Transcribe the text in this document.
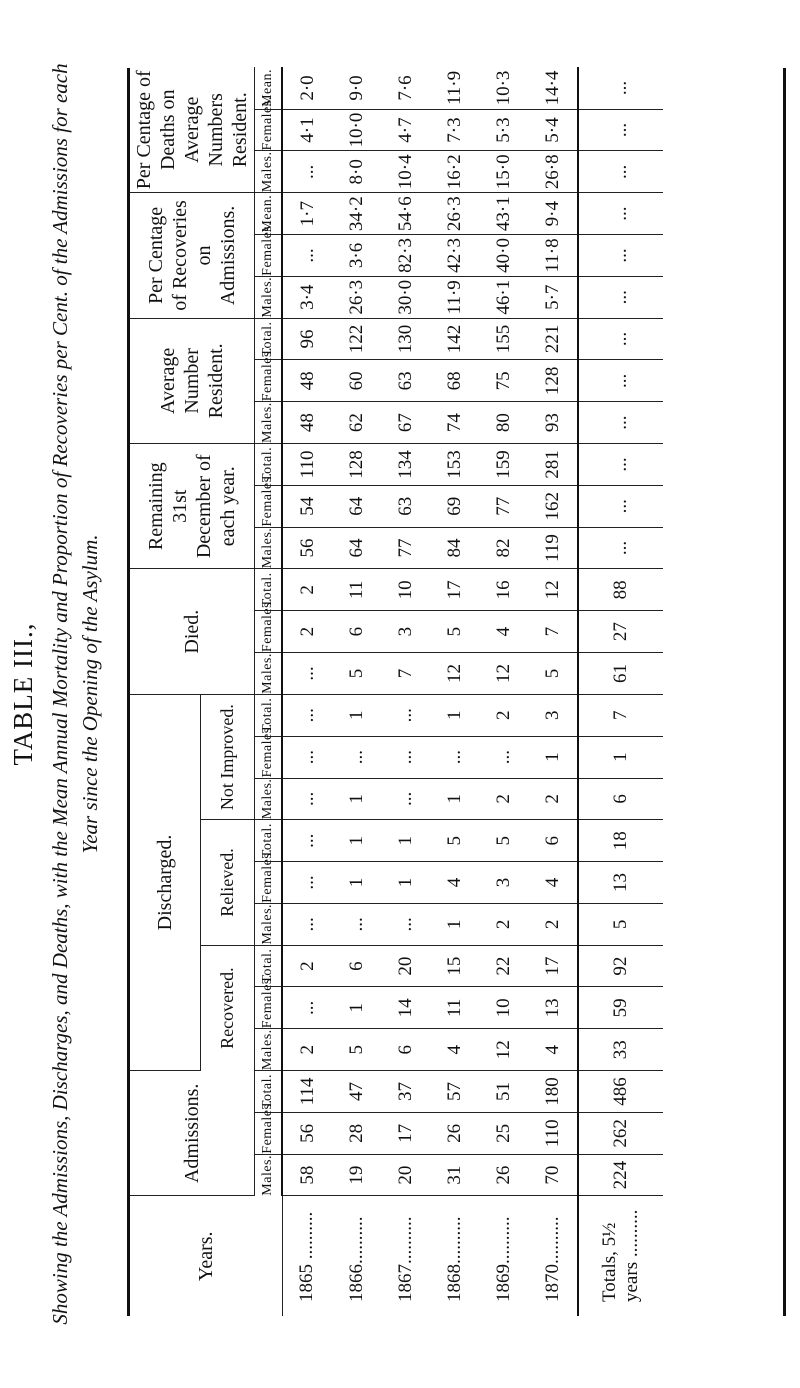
TABLE III., Showing the Admissions, Discharges, and Deaths, with the Mean Annual Mortality and Proportion of Recoveries per Cent. of the Admissions for each Year since the Opening of the Asylum.
Years.	Admissions.			Discharged.									Died.			Remaining 31st December of each year.			Average Number Resident.			Per Centage of Recoveries on Admissions.			Per Centage of Deaths on Average Numbers Resident.		
				Recovered.			Relieved.			Not Improved.																	
	Males.	Females.	Total.	Males.	Females.	Total.	Males.	Females.	Total.	Males.	Females.	Total.	Males.	Females.	Total.	Males.	Females.	Total.	Males.	Females.	Total.	Males.	Females.	Mean.	Males.	Females.	Mean.
1865 ..........	58	56	114	2	...	2	...	...	...	...	...	...	...	2	2	56	54	110	48	48	96	3·4	...	1·7	...	4·1	2·0
1866..........	19	28	47	5	1	6	...	1	1	1	...	1	5	6	11	64	64	128	62	60	122	26·3	3·6	34·2	8·0	10·0	9·0
1867..........	20	17	37	6	14	20	...	1	1	...	...	...	7	3	10	77	63	134	67	63	130	30·0	82·3	54·6	10·4	4·7	7·6
1868..........	31	26	57	4	11	15	1	4	5	1	...	1	12	5	17	84	69	153	74	68	142	11·9	42·3	26·3	16·2	7·3	11·9
1869..........	26	25	51	12	10	22	2	3	5	2	...	2	12	4	16	82	77	159	80	75	155	46·1	40·0	43·1	15·0	5·3	10·3
1870..........	70	110	180	4	13	17	2	4	6	2	1	3	5	7	12	119	162	281	93	128	221	5·7	11·8	9·4	26·8	5·4	14·4
Totals, 5½ years ..........	224	262	486	33	59	92	5	13	18	6	1	7	61	27	88	...	...	...	...	...	...	...	...	...	...	...	...
